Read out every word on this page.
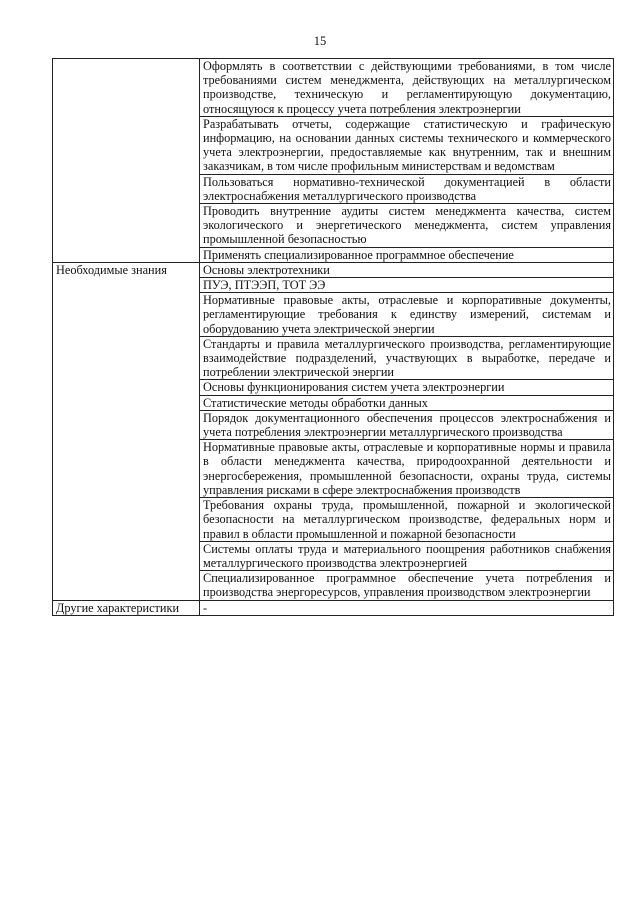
15
	Оформлять в соответствии с действующими требованиями, в том числе требованиями систем менеджмента, действующих на металлургическом производстве, техническую и регламентирующую документацию, относящуюся к процессу учета потребления электроэнергии
	Разрабатывать отчеты, содержащие статистическую и графическую информацию, на основании данных системы технического и коммерческого учета электроэнергии, предоставляемые как внутренним, так и внешним заказчикам, в том числе профильным министерствам и ведомствам
	Пользоваться нормативно-технической документацией в области электроснабжения металлургического производства
	Проводить внутренние аудиты систем менеджмента качества, систем экологического и энергетического менеджмента, систем управления промышленной безопасностью
	Применять специализированное программное обеспечение
Необходимые знания	Основы электротехники
	ПУЭ, ПТЭЭП, ТОТ ЭЭ
	Нормативные правовые акты, отраслевые и корпоративные документы, регламентирующие требования к единству измерений, системам и оборудованию учета электрической энергии
	Стандарты и правила металлургического производства, регламентирующие взаимодействие подразделений, участвующих в выработке, передаче и потреблении электрической энергии
	Основы функционирования систем учета электроэнергии
	Статистические методы обработки данных
	Порядок документационного обеспечения процессов электроснабжения и учета потребления электроэнергии металлургического производства
	Нормативные правовые акты, отраслевые и корпоративные нормы и правила в области менеджмента качества, природоохранной деятельности и энергосбережения, промышленной безопасности, охраны труда, системы управления рисками в сфере электроснабжения производств
	Требования охраны труда, промышленной, пожарной и экологической безопасности на металлургическом производстве, федеральных норм и правил в области промышленной и пожарной безопасности
	Системы оплаты труда и материального поощрения работников снабжения металлургического производства электроэнергией
	Специализированное программное обеспечение учета потребления и производства энергоресурсов, управления производством электроэнергии
Другие характеристики	-
